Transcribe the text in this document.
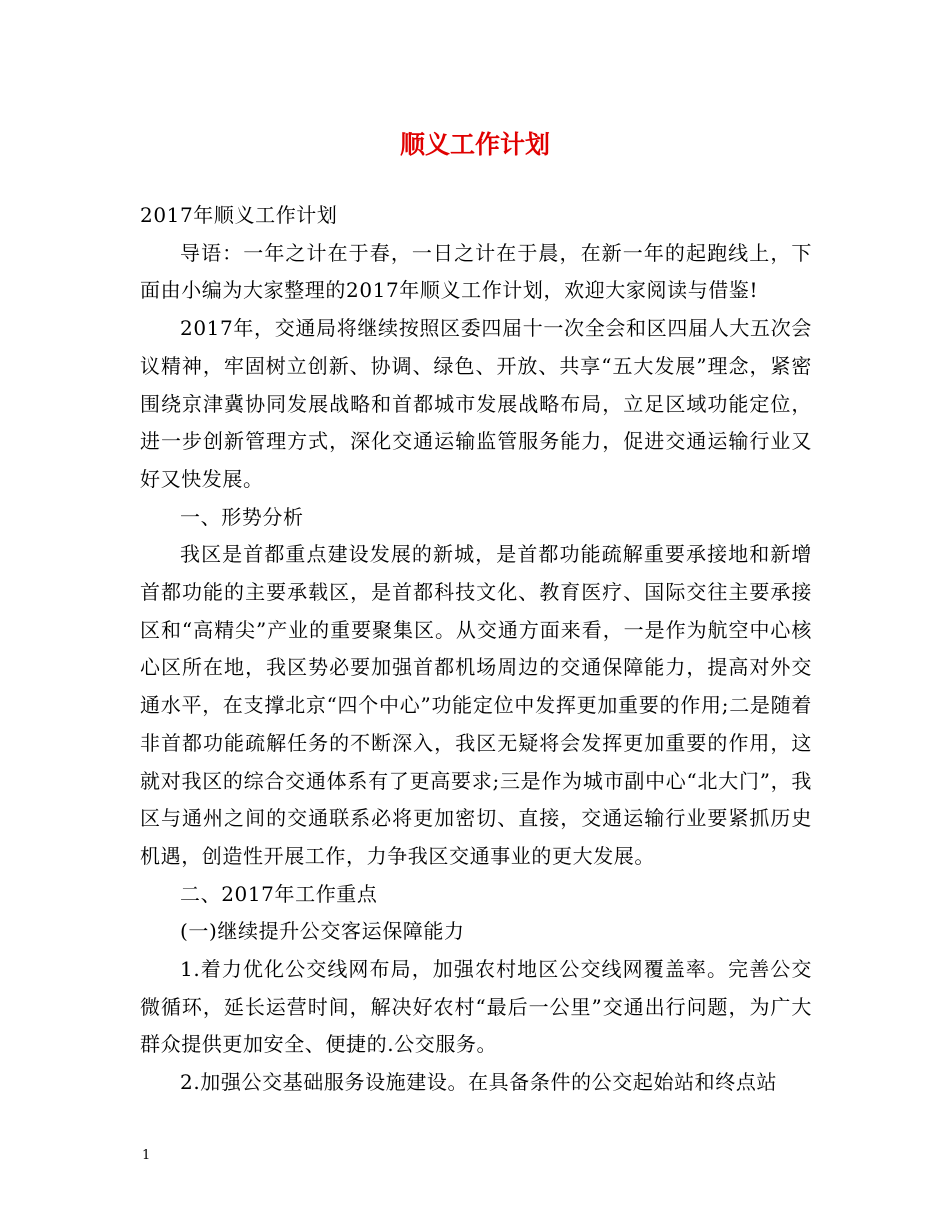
顺义工作计划

2017年顺义工作计划

导语：一年之计在于春，一日之计在于晨，在新一年的起跑线上，下面由小编为大家整理的2017年顺义工作计划，欢迎大家阅读与借鉴!

2017年，交通局将继续按照区委四届十一次全会和区四届人大五次会议精神，牢固树立创新、协调、绿色、开放、共享“五大发展”理念，紧密围绕京津冀协同发展战略和首都城市发展战略布局，立足区域功能定位，进一步创新管理方式，深化交通运输监管服务能力，促进交通运输行业又好又快发展。

一、形势分析

我区是首都重点建设发展的新城，是首都功能疏解重要承接地和新增首都功能的主要承载区，是首都科技文化、教育医疗、国际交往主要承接区和“高精尖”产业的重要聚集区。从交通方面来看，一是作为航空中心核心区所在地，我区势必要加强首都机场周边的交通保障能力，提高对外交通水平，在支撑北京“四个中心”功能定位中发挥更加重要的作用;二是随着非首都功能疏解任务的不断深入，我区无疑将会发挥更加重要的作用，这就对我区的综合交通体系有了更高要求;三是作为城市副中心“北大门”，我区与通州之间的交通联系必将更加密切、直接，交通运输行业要紧抓历史机遇，创造性开展工作，力争我区交通事业的更大发展。

二、2017年工作重点

(一)继续提升公交客运保障能力

1.着力优化公交线网布局，加强农村地区公交线网覆盖率。完善公交微循环，延长运营时间，解决好农村“最后一公里”交通出行问题，为广大群众提供更加安全、便捷的.公交服务。

2.加强公交基础服务设施建设。在具备条件的公交起始站和终点站

1
